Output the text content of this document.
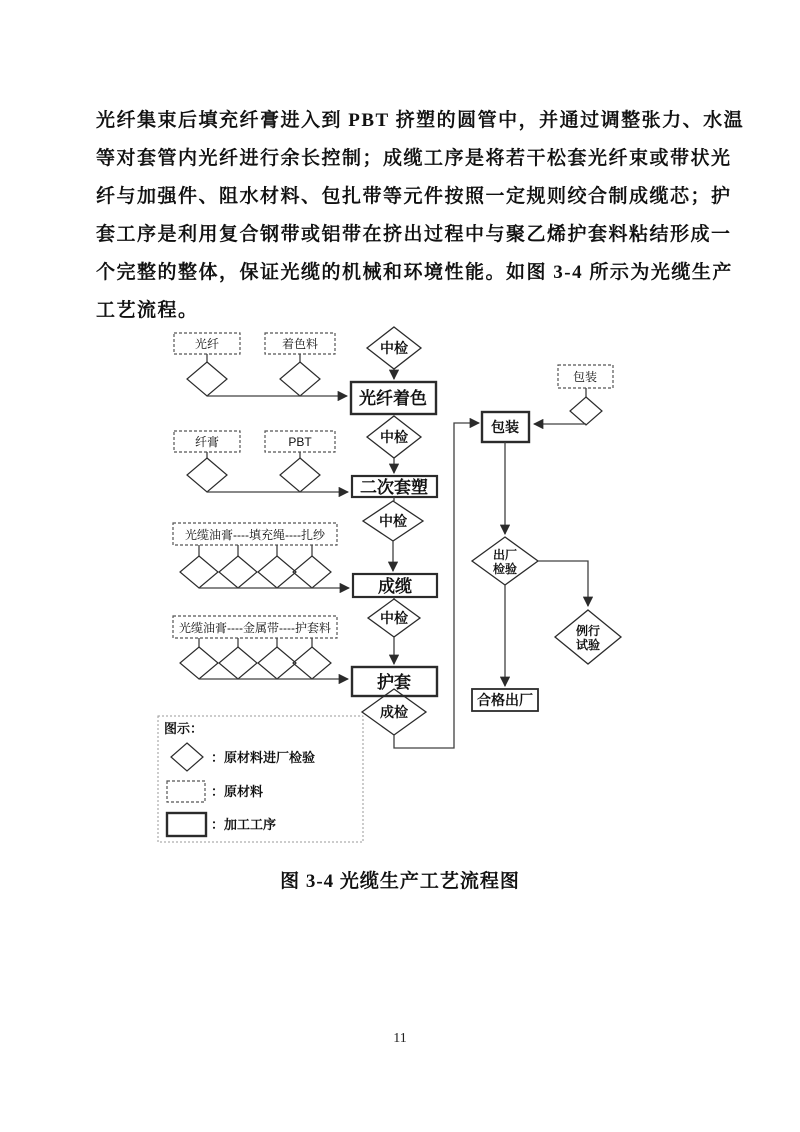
光纤集束后填充纤膏进入到 PBT 挤塑的圆管中，并通过调整张力、水温
等对套管内光纤进行余长控制；成缆工序是将若干松套光纤束或带状光
纤与加强件、阻水材料、包扎带等元件按照一定规则绞合制成缆芯；护
套工序是利用复合钢带或铝带在挤出过程中与聚乙烯护套料粘结形成一
个完整的整体，保证光缆的机械和环境性能。如图 3-4 所示为光缆生产
工艺流程。
光纤	着色料
纤膏	PBT
光缆油膏----填充绳----扎纱
光缆油膏----金属带----护套料
中检
光纤着色
中检
二次套塑
中检
成缆
中检
护套
成检
包装
包装
出厂
检验
例行
试验
合格出厂
图示：
：原材料进厂检验
：原材料
：加工工序
图 3-4 光缆生产工艺流程图
11
